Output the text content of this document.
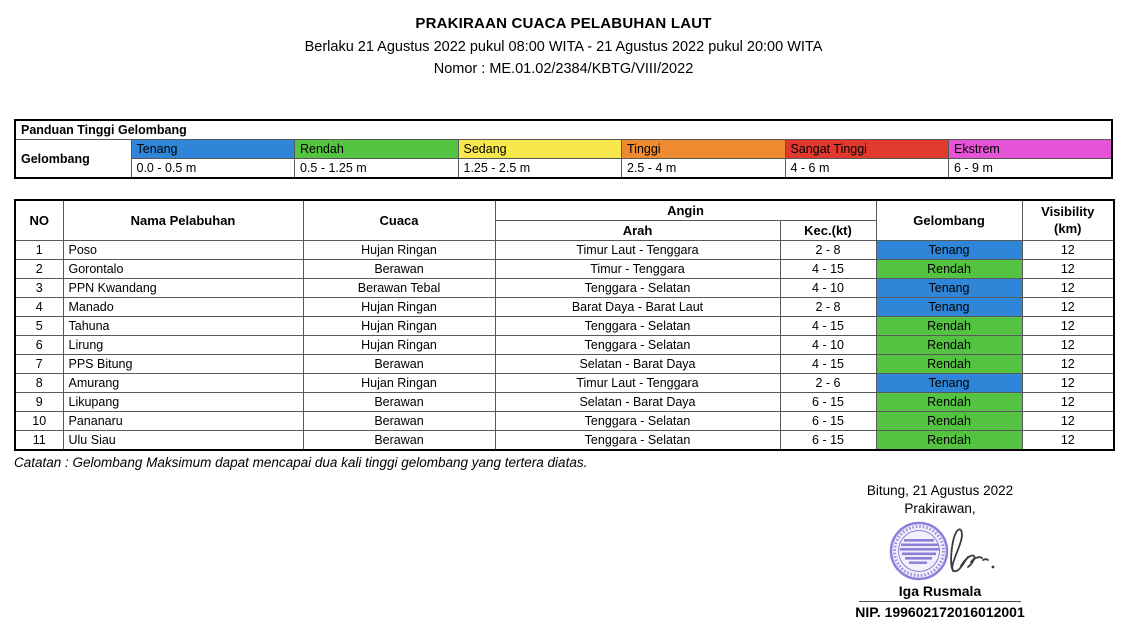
PRAKIRAAN CUACA PELABUHAN LAUT
Berlaku 21 Agustus 2022 pukul 08:00 WITA - 21 Agustus 2022 pukul 20:00 WITA
Nomor : ME.01.02/2384/KBTG/VIII/2022
Panduan Tinggi Gelombang						
Gelombang	Tenang	Rendah	Sedang	Tinggi	Sangat Tinggi	Ekstrem
	0.0 - 0.5 m	0.5 - 1.25 m	1.25 - 2.5 m	2.5 - 4 m	4 - 6 m	6 - 9 m
NO	Nama Pelabuhan	Cuaca	Angin		Gelombang	Visibility (km)
			Arah	Kec.(kt)		
1	Poso	Hujan Ringan	Timur Laut - Tenggara	2 - 8	Tenang	12
2	Gorontalo	Berawan	Timur - Tenggara	4 - 15	Rendah	12
3	PPN Kwandang	Berawan Tebal	Tenggara - Selatan	4 - 10	Tenang	12
4	Manado	Hujan Ringan	Barat Daya - Barat Laut	2 - 8	Tenang	12
5	Tahuna	Hujan Ringan	Tenggara - Selatan	4 - 15	Rendah	12
6	Lirung	Hujan Ringan	Tenggara - Selatan	4 - 10	Rendah	12
7	PPS Bitung	Berawan	Selatan - Barat Daya	4 - 15	Rendah	12
8	Amurang	Hujan Ringan	Timur Laut - Tenggara	2 - 6	Tenang	12
9	Likupang	Berawan	Selatan - Barat Daya	6 - 15	Rendah	12
10	Pananaru	Berawan	Tenggara - Selatan	6 - 15	Rendah	12
11	Ulu Siau	Berawan	Tenggara - Selatan	6 - 15	Rendah	12
Catatan : Gelombang Maksimum dapat mencapai dua kali tinggi gelombang yang tertera diatas.
Bitung, 21 Agustus 2022
Prakirawan,
Iga Rusmala
NIP. 199602172016012001
